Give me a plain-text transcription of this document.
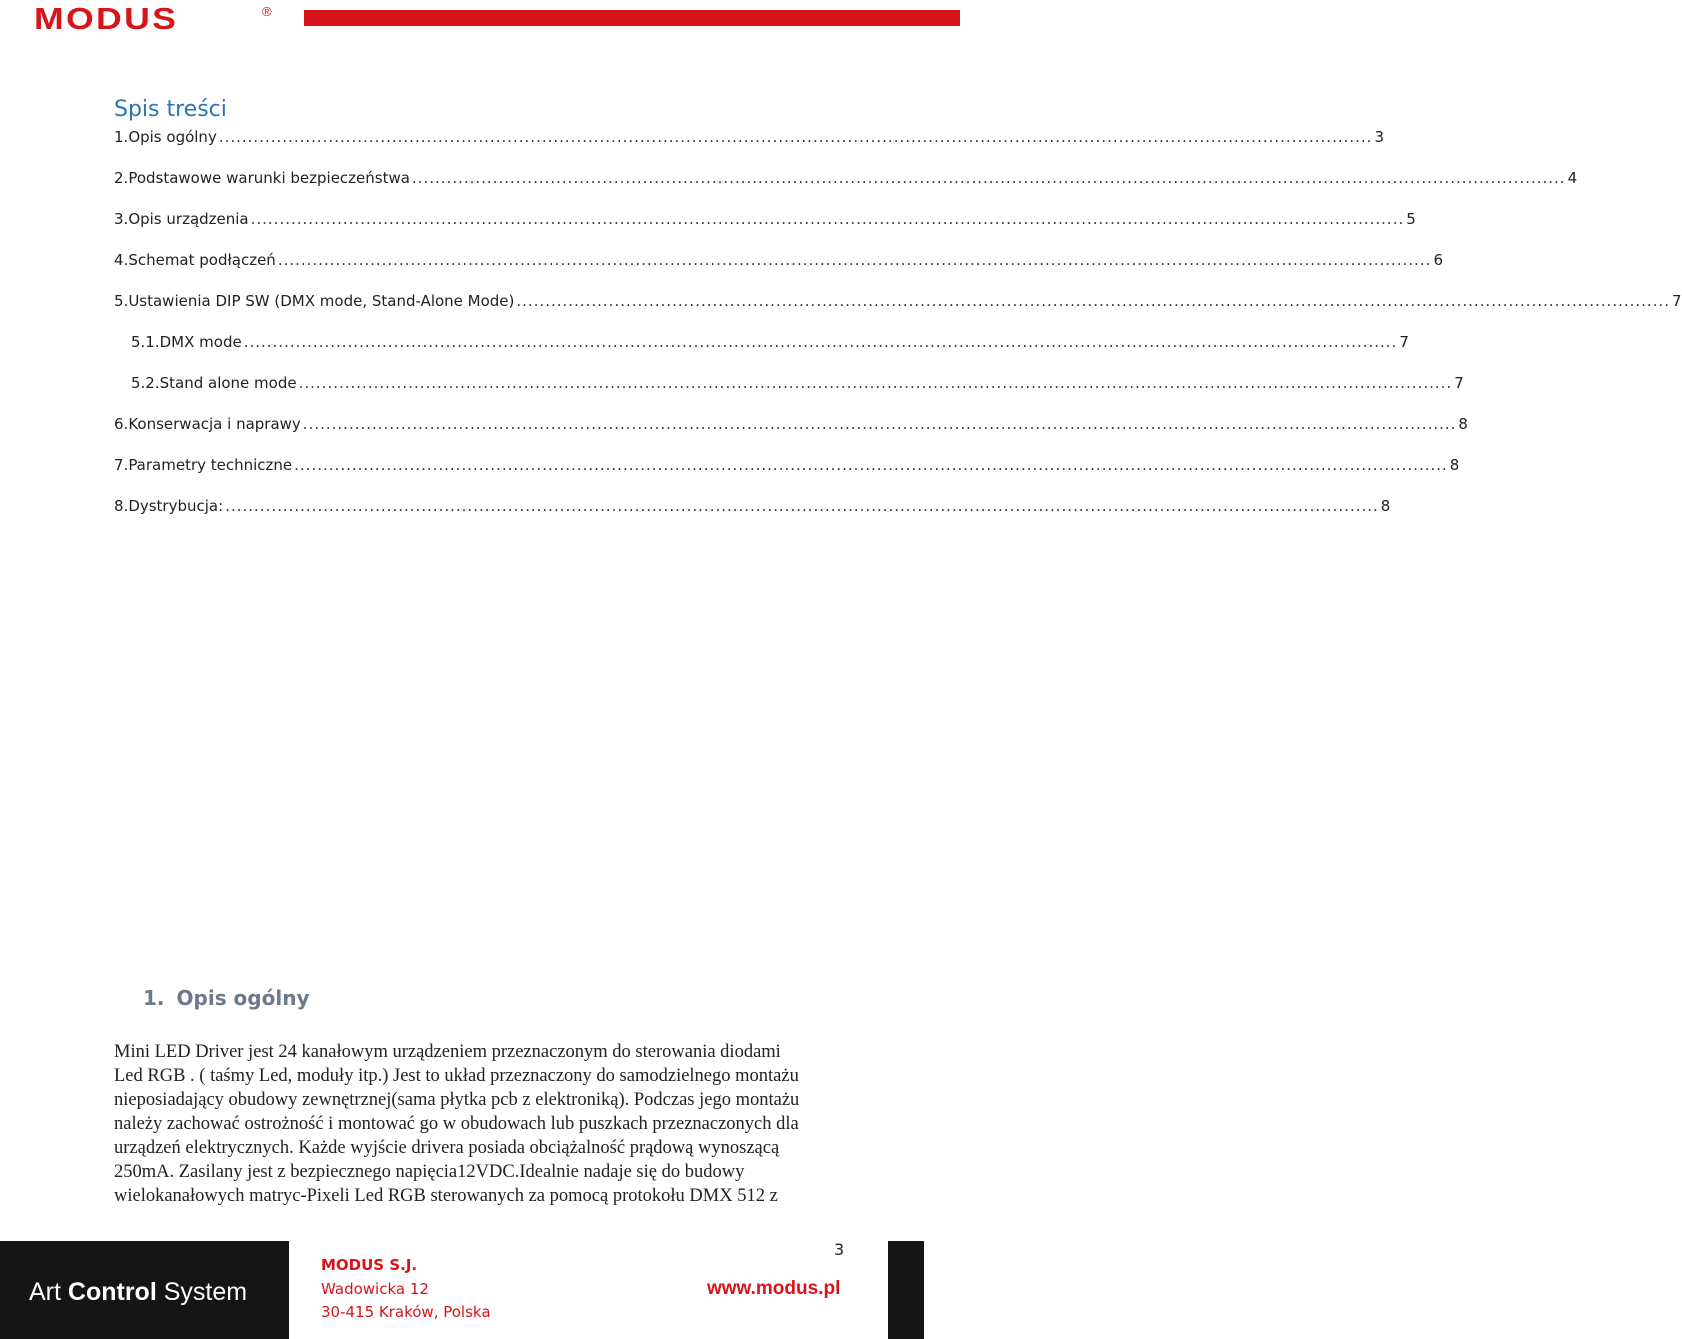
MODUS	®
Spis treści
1. Opis ogólny ........................................................................................................................................................................................................ 3
2. Podstawowe warunki bezpieczeństwa ........................................................................................................................................................................................................ 4
3. Opis urządzenia ........................................................................................................................................................................................................ 5
4. Schemat podłączeń ........................................................................................................................................................................................................ 6
5. Ustawienia DIP SW (DMX mode, Stand-Alone Mode) ........................................................................................................................................................................................................ 7
5.1. DMX mode ........................................................................................................................................................................................................ 7
5.2. Stand alone mode ........................................................................................................................................................................................................ 7
6. Konserwacja i naprawy ........................................................................................................................................................................................................ 8
7. Parametry techniczne ........................................................................................................................................................................................................ 8
8. Dystrybucja: ........................................................................................................................................................................................................ 8
1. Opis ogólny
Mini LED Driver jest 24 kanałowym urządzeniem przeznaczonym do sterowania diodami
Led RGB . ( taśmy Led, moduły itp.) Jest to układ przeznaczony do samodzielnego montażu
nieposiadający obudowy zewnętrznej(sama płytka pcb z elektroniką). Podczas jego montażu
należy zachować ostrożność i montować go w obudowach lub puszkach przeznaczonych dla
urządzeń elektrycznych. Każde wyjście drivera posiada obciążalność prądową wynoszącą
250mA. Zasilany jest z bezpiecznego napięcia12VDC.Idealnie nadaje się do budowy
wielokanałowych matryc-Pixeli Led RGB sterowanych za pomocą protokołu DMX 512 z
3
Art Control System
MODUS S.J.
Wadowicka 12
30-415 Kraków, Polska
www.modus.pl
